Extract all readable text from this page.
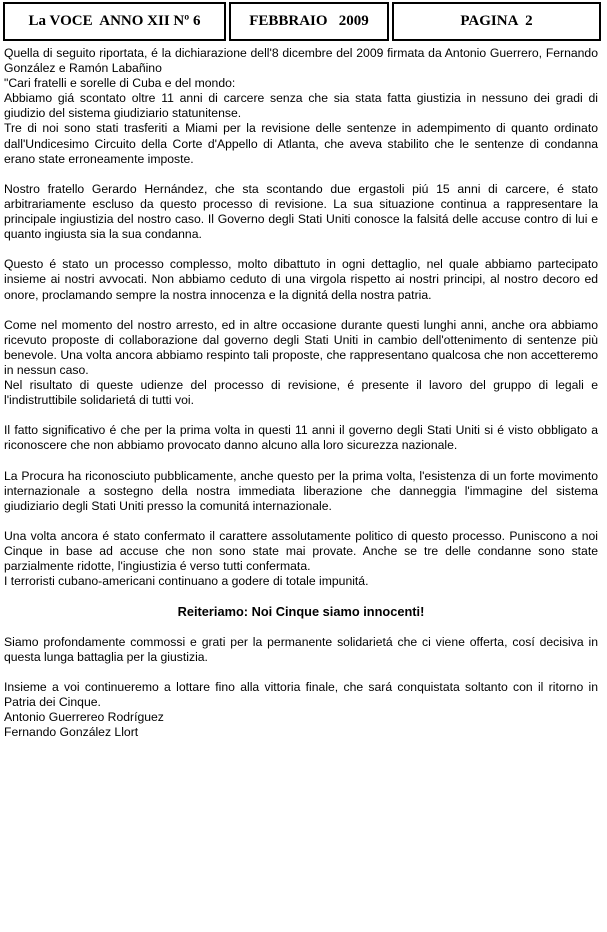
La VOCE  ANNO XII Nº 6	FEBBRAIO   2009	PAGINA  2

Quella di seguito riportata, é la dichiarazione dell'8 dicembre del 2009 firmata da Antonio Guerrero, Fernando González e Ramón Labañino

"Cari fratelli e sorelle di Cuba e del mondo:

Abbiamo giá scontato oltre 11 anni di carcere senza che sia stata fatta giustizia in nessuno dei gradi di giudizio del sistema giudiziario statunitense.

Tre di noi sono stati trasferiti a Miami per la revisione delle sentenze in adempimento di quanto ordinato dall'Undicesimo Circuito della Corte d'Appello di Atlanta, che aveva stabilito che le sentenze di condanna erano state erroneamente imposte.

Nostro fratello Gerardo Hernández, che sta scontando due ergastoli piú 15 anni di carcere, é stato arbitrariamente escluso da questo processo di revisione. La sua situazione continua a rappresentare la principale ingiustizia del nostro caso. Il Governo degli Stati Uniti conosce la falsitá delle accuse contro di lui e quanto ingiusta sia la sua condanna.

Questo é stato un processo complesso, molto dibattuto in ogni dettaglio, nel quale abbiamo partecipato insieme ai nostri avvocati. Non abbiamo ceduto di una virgola rispetto ai nostri principi, al nostro decoro ed onore, proclamando sempre la nostra innocenza e la dignitá della nostra patria.

Come nel momento del nostro arresto, ed in altre occasione durante questi lunghi anni, anche ora abbiamo ricevuto proposte di collaborazione dal governo degli Stati Uniti in cambio dell'ottenimento di sentenze più benevole. Una volta ancora abbiamo respinto tali proposte, che rappresentano qualcosa che non accetteremo in nessun caso.

Nel risultato di queste udienze del processo di revisione, é presente il lavoro del gruppo di legali e l'indistruttibile solidarietá di tutti voi.

Il fatto significativo é che per la prima volta in questi 11 anni il governo degli Stati Uniti si é visto obbligato a riconoscere che non abbiamo provocato danno alcuno alla loro sicurezza nazionale.

La Procura ha riconosciuto pubblicamente, anche questo per la prima volta, l'esistenza di un forte movimento internazionale a sostegno della nostra immediata liberazione che danneggia l'immagine del sistema giudiziario degli Stati Uniti presso la comunitá internazionale.

Una volta ancora é stato confermato il carattere assolutamente politico di questo processo. Puniscono a noi Cinque in base ad accuse che non sono state mai provate. Anche se tre delle condanne sono state parzialmente ridotte, l'ingiustizia é verso tutti confermata.

I terroristi cubano-americani continuano a godere di totale impunitá.

Reiteriamo: Noi Cinque siamo innocenti!

Siamo profondamente commossi e grati per la permanente solidarietá che ci viene offerta, cosí decisiva in questa lunga battaglia per la giustizia.

Insieme a voi continueremo a lottare fino alla vittoria finale, che sará conquistata soltanto con il ritorno in Patria dei Cinque.

Antonio Guerrereo Rodríguez

Fernando González Llort
